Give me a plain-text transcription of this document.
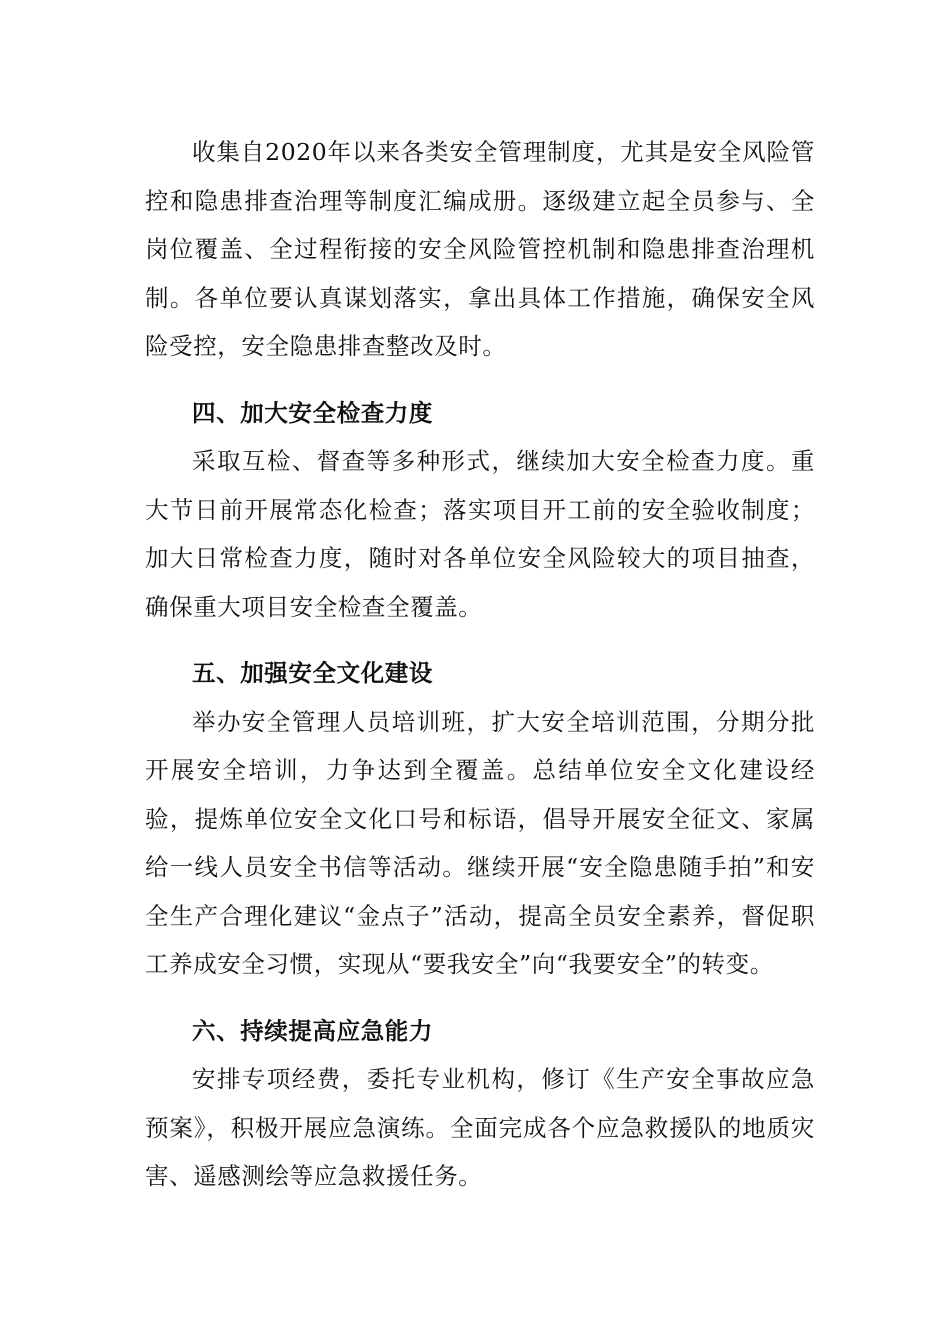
收集自2020年以来各类安全管理制度，尤其是安全风险管控和隐患排查治理等制度汇编成册。逐级建立起全员参与、全岗位覆盖、全过程衔接的安全风险管控机制和隐患排查治理机制。各单位要认真谋划落实，拿出具体工作措施，确保安全风险受控，安全隐患排查整改及时。

四、加大安全检查力度

采取互检、督查等多种形式，继续加大安全检查力度。重大节日前开展常态化检查；落实项目开工前的安全验收制度；加大日常检查力度，随时对各单位安全风险较大的项目抽查，确保重大项目安全检查全覆盖。

五、加强安全文化建设

举办安全管理人员培训班，扩大安全培训范围，分期分批开展安全培训，力争达到全覆盖。总结单位安全文化建设经验，提炼单位安全文化口号和标语，倡导开展安全征文、家属给一线人员安全书信等活动。继续开展“安全隐患随手拍”和安全生产合理化建议“金点子”活动，提高全员安全素养，督促职工养成安全习惯，实现从“要我安全”向“我要安全”的转变。

六、持续提高应急能力

安排专项经费，委托专业机构，修订《生产安全事故应急预案》，积极开展应急演练。全面完成各个应急救援队的地质灾害、遥感测绘等应急救援任务。
